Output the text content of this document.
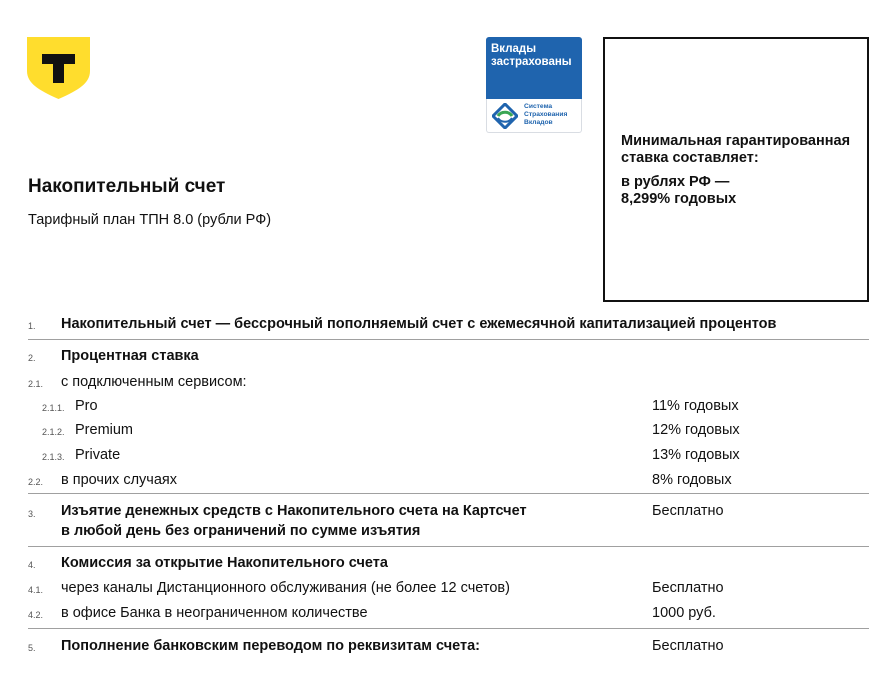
Вклады
застрахованы
Система
Страхования
Вкладов

Минимальная гарантированная
ставка составляет:

в рублях РФ —
8,299% годовых

Накопительный счет
Тарифный план ТПН 8.0 (рубли РФ)
1. Накопительный счет — бессрочный пополняемый счет с ежемесячной капитализацией процентов
2. Процентная ставка
2.1. с подключенным сервисом:
2.1.1. Pro	11% годовых
2.1.2. Premium	12% годовых
2.1.3. Private	13% годовых
2.2. в прочих случаях	8% годовых
3. Изъятие денежных средств с Накопительного счета на Картсчет
в любой день без ограничений по сумме изъятия
Бесплатно
4. Комиссия за открытие Накопительного счета
4.1. через каналы Дистанционного обслуживания (не более 12 счетов)	Бесплатно
4.2. в офисе Банка в неограниченном количестве	1000 руб.
5. Пополнение банковским переводом по реквизитам счета:	Бесплатно
